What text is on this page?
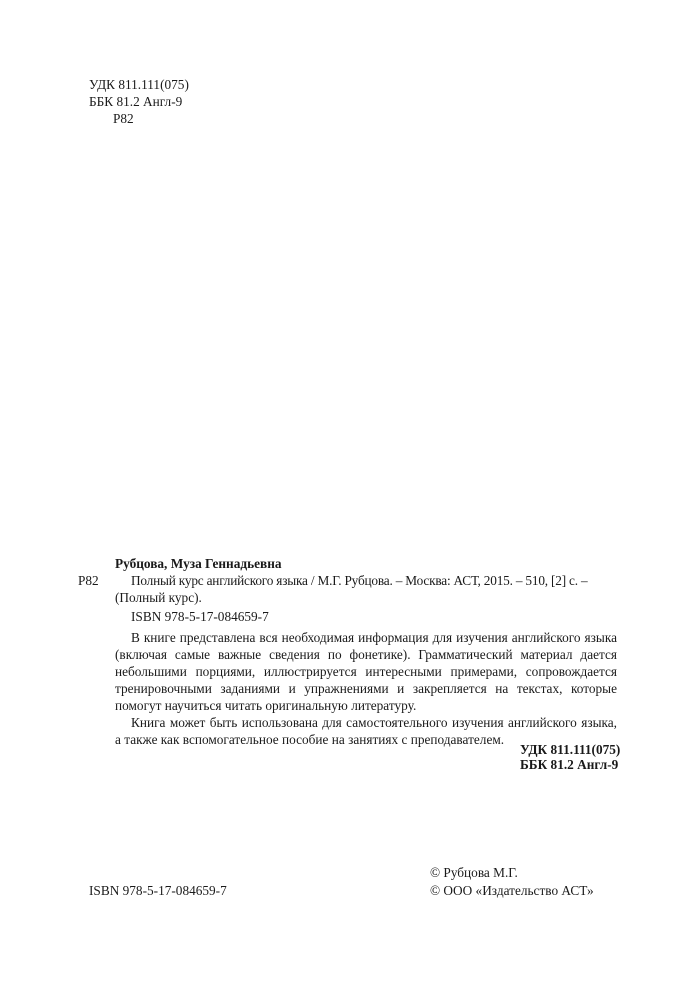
УДК 811.111(075)
ББК 81.2 Англ-9
Р82
Рубцова, Муза Геннадьевна
Р82 Полный курс английского языка / М.Г. Рубцова. – Москва: АСТ, 2015. – 510, [2] с. –
(Полный курс).
ISBN 978-5-17-084659-7

В книге представлена вся необходимая информация для изучения английского языка (включая самые важные сведения по фонетике). Грамматический материал дается небольшими порциями, иллюстрируется интересными примерами, сопровождается тренировочными заданиями и упражнениями и закрепляется на текстах, которые помогут научиться читать оригинальную литературу.

Книга может быть использована для самостоятельного изучения английского языка, а также как вспомогательное пособие на занятиях с преподавателем.

УДК 811.111(075)
ББК 81.2 Англ-9
ISBN 978-5-17-084659-7
© Рубцова М.Г.
© ООО «Издательство АСТ»
